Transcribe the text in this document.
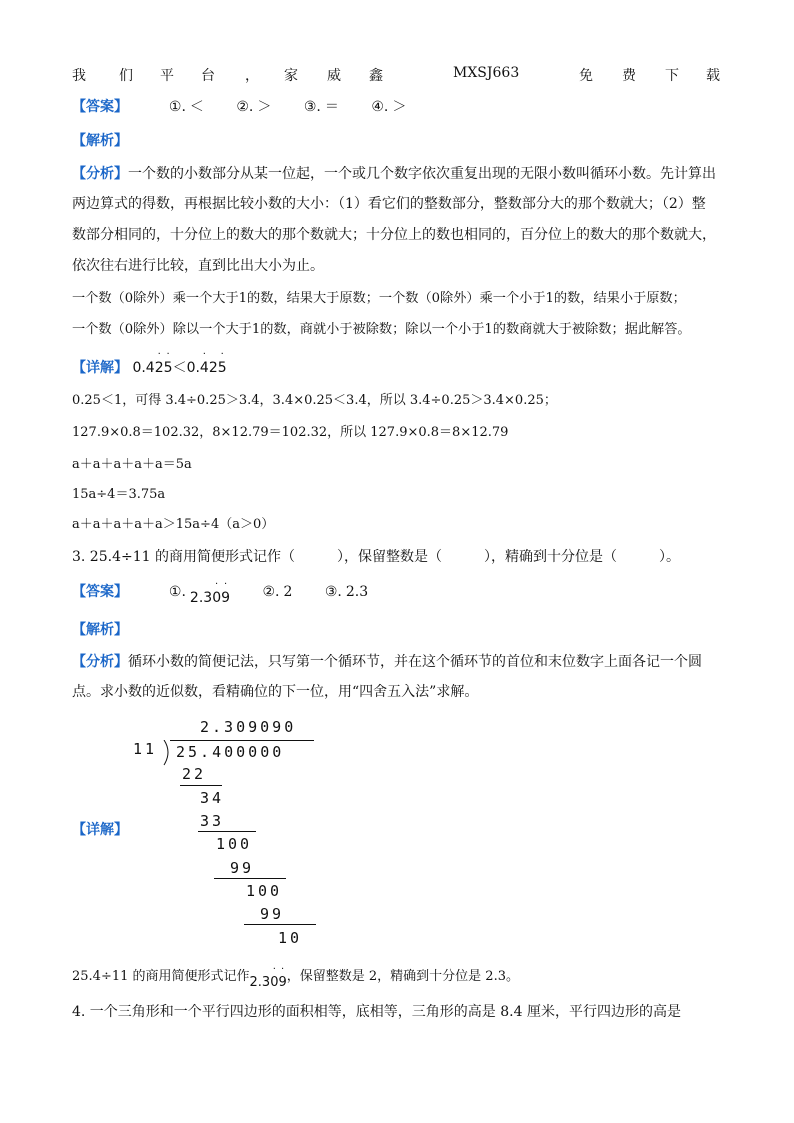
我 们 平 台 ， 家 威 鑫	MXSJ663	免 费 下 载
【答案】	①. ＜ ②. ＞ ③. ＝ ④. ＞
【解析】
【分析】一个数的小数部分从某一位起，一个或几个数字依次重复出现的无限小数叫循环小数。先计算出
两边算式的得数，再根据比较小数的大小：（1）看它们的整数部分，整数部分大的那个数就大；（2）整
数部分相同的，十分位上的数大的那个数就大；十分位上的数也相同的，百分位上的数大的那个数就大，
依次往右进行比较，直到比出大小为止。
一个数（0除外）乘一个大于1的数，结果大于原数；一个数（0除外）乘一个小于1的数，结果小于原数；
一个数（0除外）除以一个大于1的数，商就小于被除数；除以一个小于1的数商就大于被除数；据此解答。
【详解】 0.4
·
2
·
5＜0.
·
42
·
5
0.25＜1，可得 3.4÷0.25＞3.4，3.4×0.25＜3.4，所以 3.4÷0.25＞3.4×0.25；
127.9×0.8＝102.32，8×12.79＝102.32，所以 127.9×0.8＝8×12.79
a＋a＋a＋a＋a＝5a
15a÷4＝3.75a
a＋a＋a＋a＋a＞15a÷4（a＞0）
3. 25.4÷11 的商用简便形式记作（　　　），保留整数是（　　　），精确到十分位是（　　　）。
【答案】	①. 2.3
·
0
·
9 ②. 2 ③. 2.3
【解析】
【分析】循环小数的简便记法，只写第一个循环节，并在这个循环节的首位和末位数字上面各记一个圆
点。求小数的近似数，看精确位的下一位，用“四舍五入法”求解。
【详解】
2.309090
11 25.400000
22
34
33
100
99
100
99
10
25.4÷11 的商用简便形式记作2.3
·
0
·
9，保留整数是 2，精确到十分位是 2.3。
4. 一个三角形和一个平行四边形的面积相等，底相等，三角形的高是 8.4 厘米，平行四边形的高是
